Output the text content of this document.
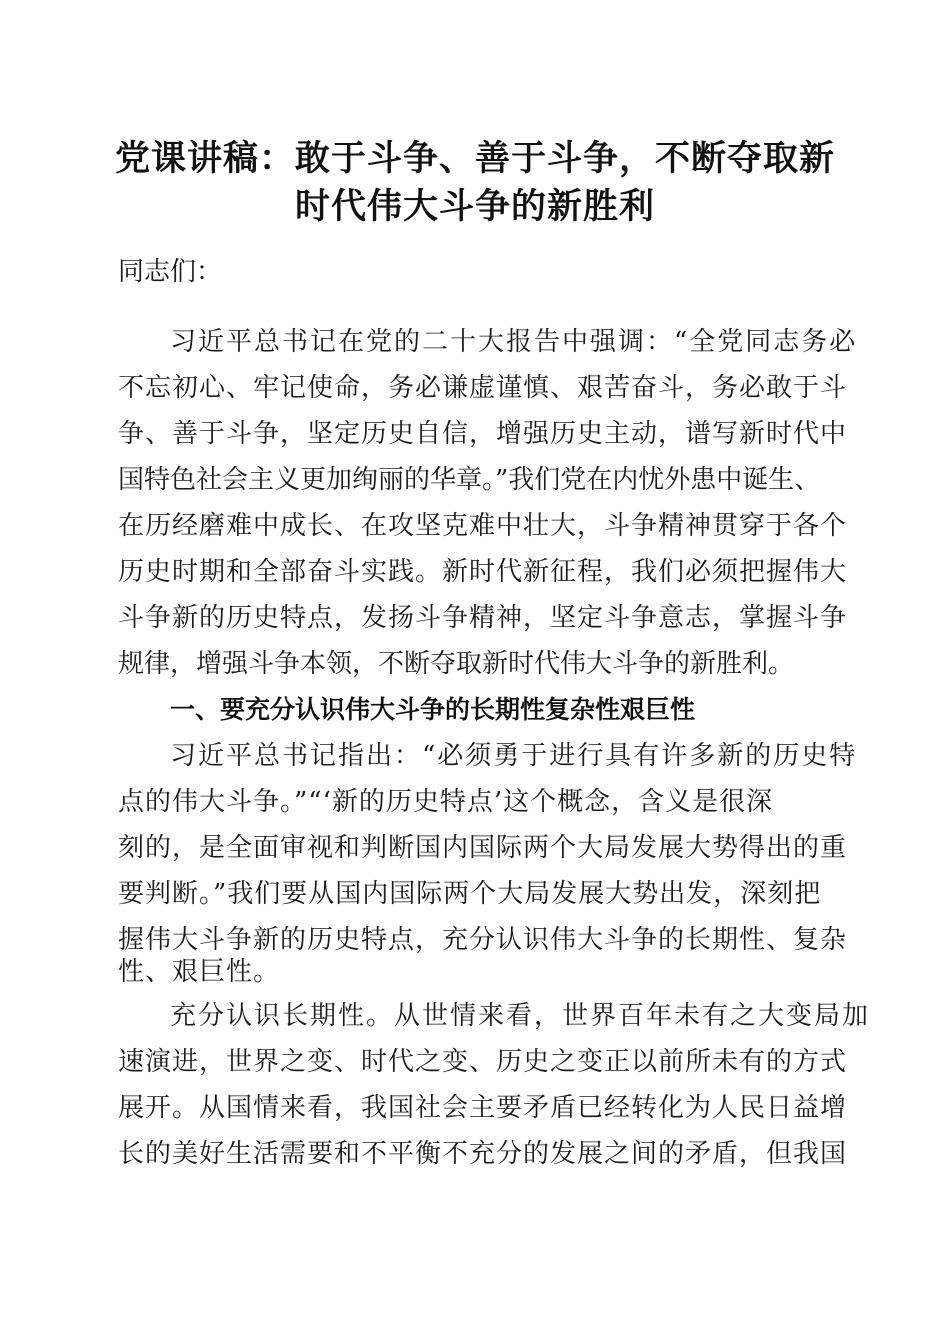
党课讲稿：敢于斗争、善于斗争，不断夺取新
时代伟大斗争的新胜利
同志们：
习近平总书记在党的二十大报告中强调：“全党同志务必
不忘初心、牢记使命，务必谦虚谨慎、艰苦奋斗，务必敢于斗
争、善于斗争，坚定历史自信，增强历史主动，谱写新时代中
国特色社会主义更加绚丽的华章。”我们党在内忧外患中诞生、
在历经磨难中成长、在攻坚克难中壮大，斗争精神贯穿于各个
历史时期和全部奋斗实践。新时代新征程，我们必须把握伟大
斗争新的历史特点，发扬斗争精神，坚定斗争意志，掌握斗争
规律，增强斗争本领，不断夺取新时代伟大斗争的新胜利。
一、要充分认识伟大斗争的长期性复杂性艰巨性
习近平总书记指出：“必须勇于进行具有许多新的历史特
点的伟大斗争。”“‘新的历史特点’这个概念，含义是很深
刻的，是全面审视和判断国内国际两个大局发展大势得出的重
要判断。”我们要从国内国际两个大局发展大势出发，深刻把
握伟大斗争新的历史特点，充分认识伟大斗争的长期性、复杂
性、艰巨性。
充分认识长期性。从世情来看，世界百年未有之大变局加
速演进，世界之变、时代之变、历史之变正以前所未有的方式
展开。从国情来看，我国社会主要矛盾已经转化为人民日益增
长的美好生活需要和不平衡不充分的发展之间的矛盾，但我国
